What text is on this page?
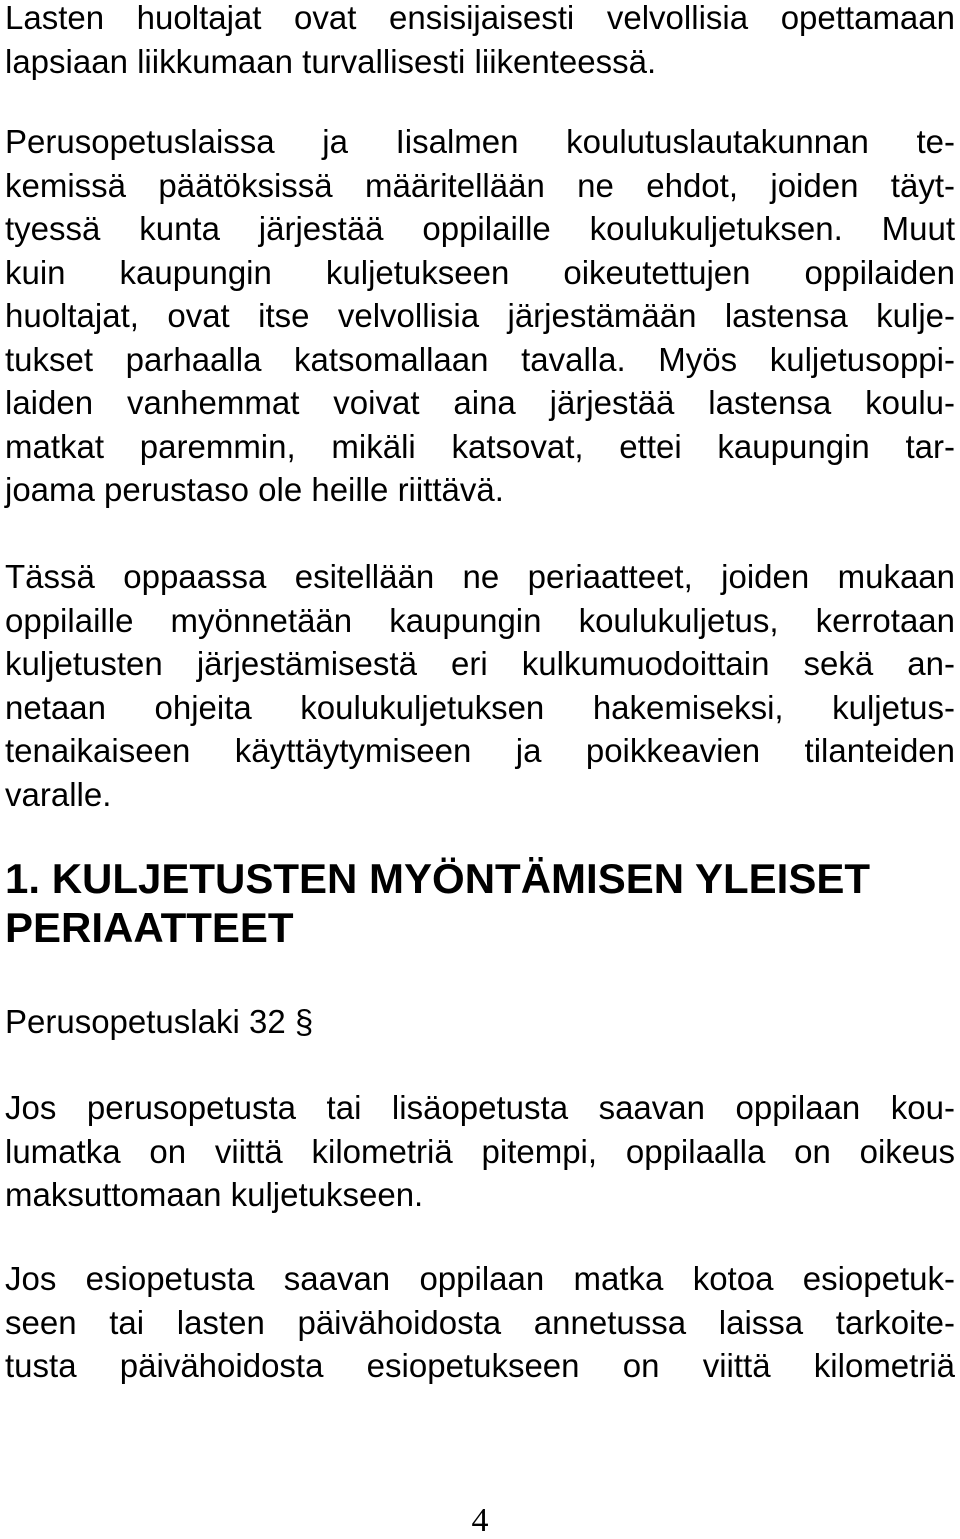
Lasten huoltajat ovat ensisijaisesti velvollisia opettamaan
lapsiaan liikkumaan turvallisesti liikenteessä.
Perusopetuslaissa ja Iisalmen koulutuslautakunnan te-
kemissä päätöksissä määritellään ne ehdot, joiden täyt-
tyessä kunta järjestää oppilaille koulukuljetuksen. Muut
kuin kaupungin kuljetukseen oikeutettujen oppilaiden
huoltajat, ovat itse velvollisia järjestämään lastensa kulje-
tukset parhaalla katsomallaan tavalla. Myös kuljetusoppi-
laiden vanhemmat voivat aina järjestää lastensa koulu-
matkat paremmin, mikäli katsovat, ettei kaupungin tar-
joama perustaso ole heille riittävä.
Tässä oppaassa esitellään ne periaatteet, joiden mukaan
oppilaille myönnetään kaupungin koulukuljetus, kerrotaan
kuljetusten järjestämisestä eri kulkumuodoittain sekä an-
netaan ohjeita koulukuljetuksen hakemiseksi, kuljetus-
tenaikaiseen käyttäytymiseen ja poikkeavien tilanteiden
varalle.
1. KULJETUSTEN MYÖNTÄMISEN YLEISET
PERIAATTEET
Perusopetuslaki 32 §
Jos perusopetusta tai lisäopetusta saavan oppilaan kou-
lumatka on viittä kilometriä pitempi, oppilaalla on oikeus
maksuttomaan kuljetukseen.
Jos esiopetusta saavan oppilaan matka kotoa esiopetuk-
seen tai lasten päivähoidosta annetussa laissa tarkoite-
tusta päivähoidosta esiopetukseen on viittä kilometriä
4
